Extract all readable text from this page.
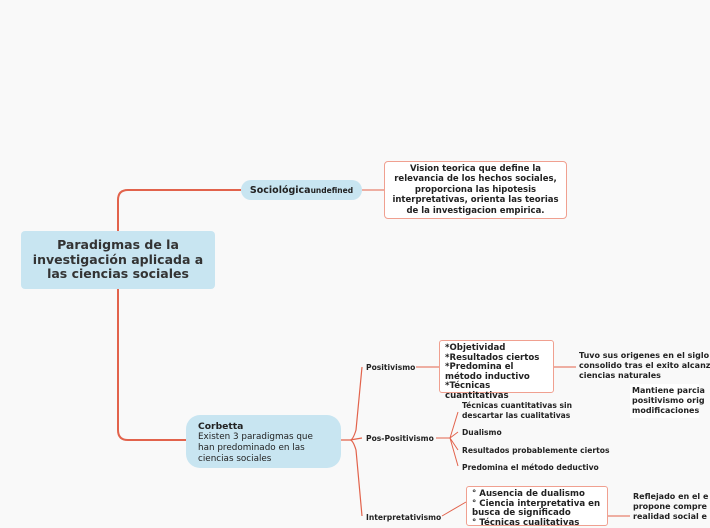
Paradigmas de la investigación aplicada a las ciencias sociales
Sociológica undefined
Vision teorica que define la relevancia de los hechos sociales, proporciona las hipotesis interpretativas, orienta las teorias de la investigacion empirica.
Corbetta
Existen 3 paradigmas que han predominado en las ciencias sociales
Positivismo
*Objetividad
*Resultados ciertos
*Predomina el método inductivo *Técnicas cuantitativas
Tuvo sus origenes en el siglo
consolido tras el exito alcanz
ciencias naturales
Pos-Positivismo
Técnicas cuantitativas sin descartar las cualitativas
Dualismo
Resultados probablemente ciertos
Predomina el método deductivo
Mantiene parcia
positivismo orig
modificaciones
Interpretativismo
° Ausencia de dualismo
° Ciencia interpretativa en busca de significado
° Técnicas cualitativas
Reflejado en el e
propone compre
realidad social e
